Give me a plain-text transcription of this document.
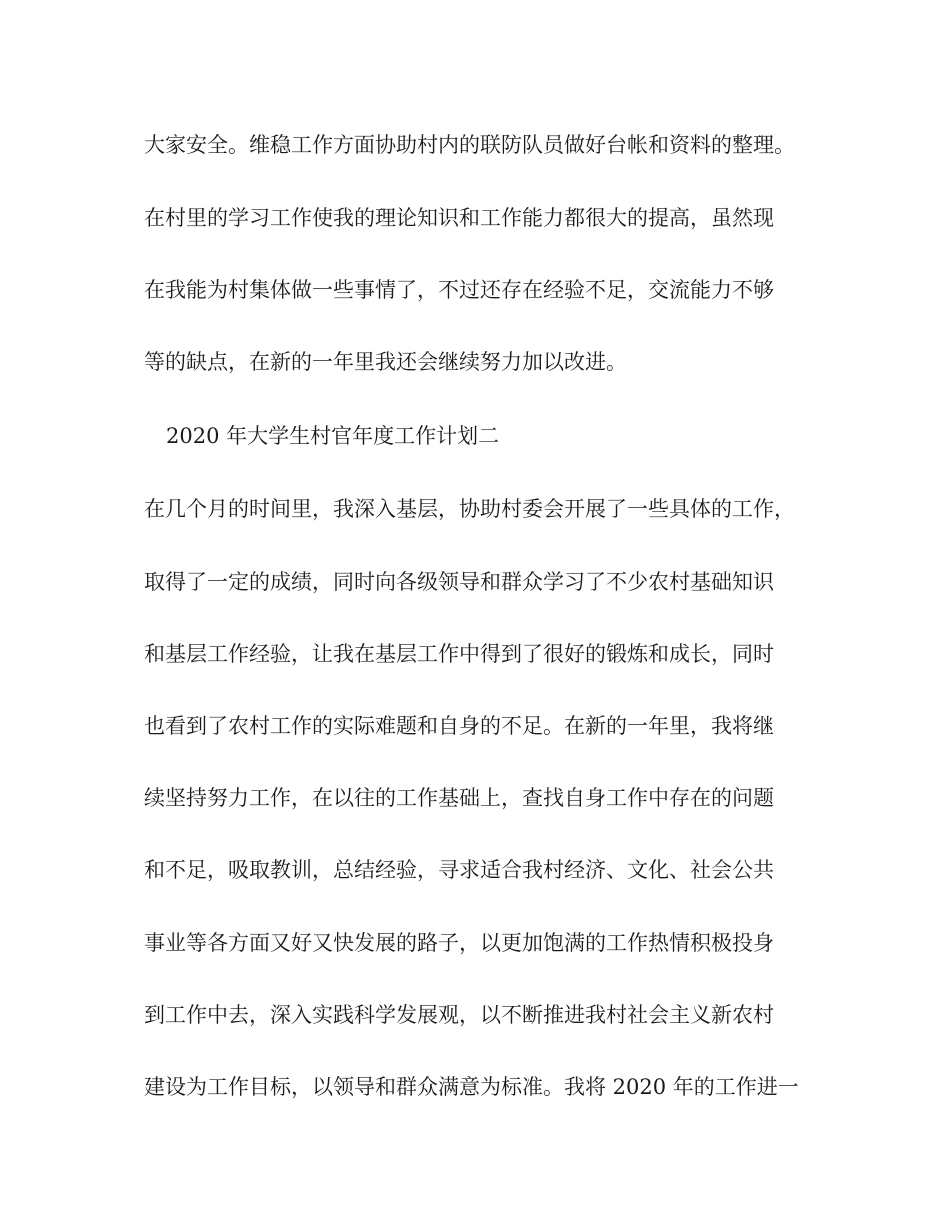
大家安全。维稳工作方面协助村内的联防队员做好台帐和资料的整理。
在村里的学习工作使我的理论知识和工作能力都很大的提高，虽然现
在我能为村集体做一些事情了，不过还存在经验不足，交流能力不够
等的缺点，在新的一年里我还会继续努力加以改进。
2020 年大学生村官年度工作计划二
在几个月的时间里，我深入基层，协助村委会开展了一些具体的工作，
取得了一定的成绩，同时向各级领导和群众学习了不少农村基础知识
和基层工作经验，让我在基层工作中得到了很好的锻炼和成长，同时
也看到了农村工作的实际难题和自身的不足。在新的一年里，我将继
续坚持努力工作，在以往的工作基础上，查找自身工作中存在的问题
和不足，吸取教训，总结经验，寻求适合我村经济、文化、社会公共
事业等各方面又好又快发展的路子，以更加饱满的工作热情积极投身
到工作中去，深入实践科学发展观，以不断推进我村社会主义新农村
建设为工作目标，以领导和群众满意为标准。我将 2020 年的工作进一
